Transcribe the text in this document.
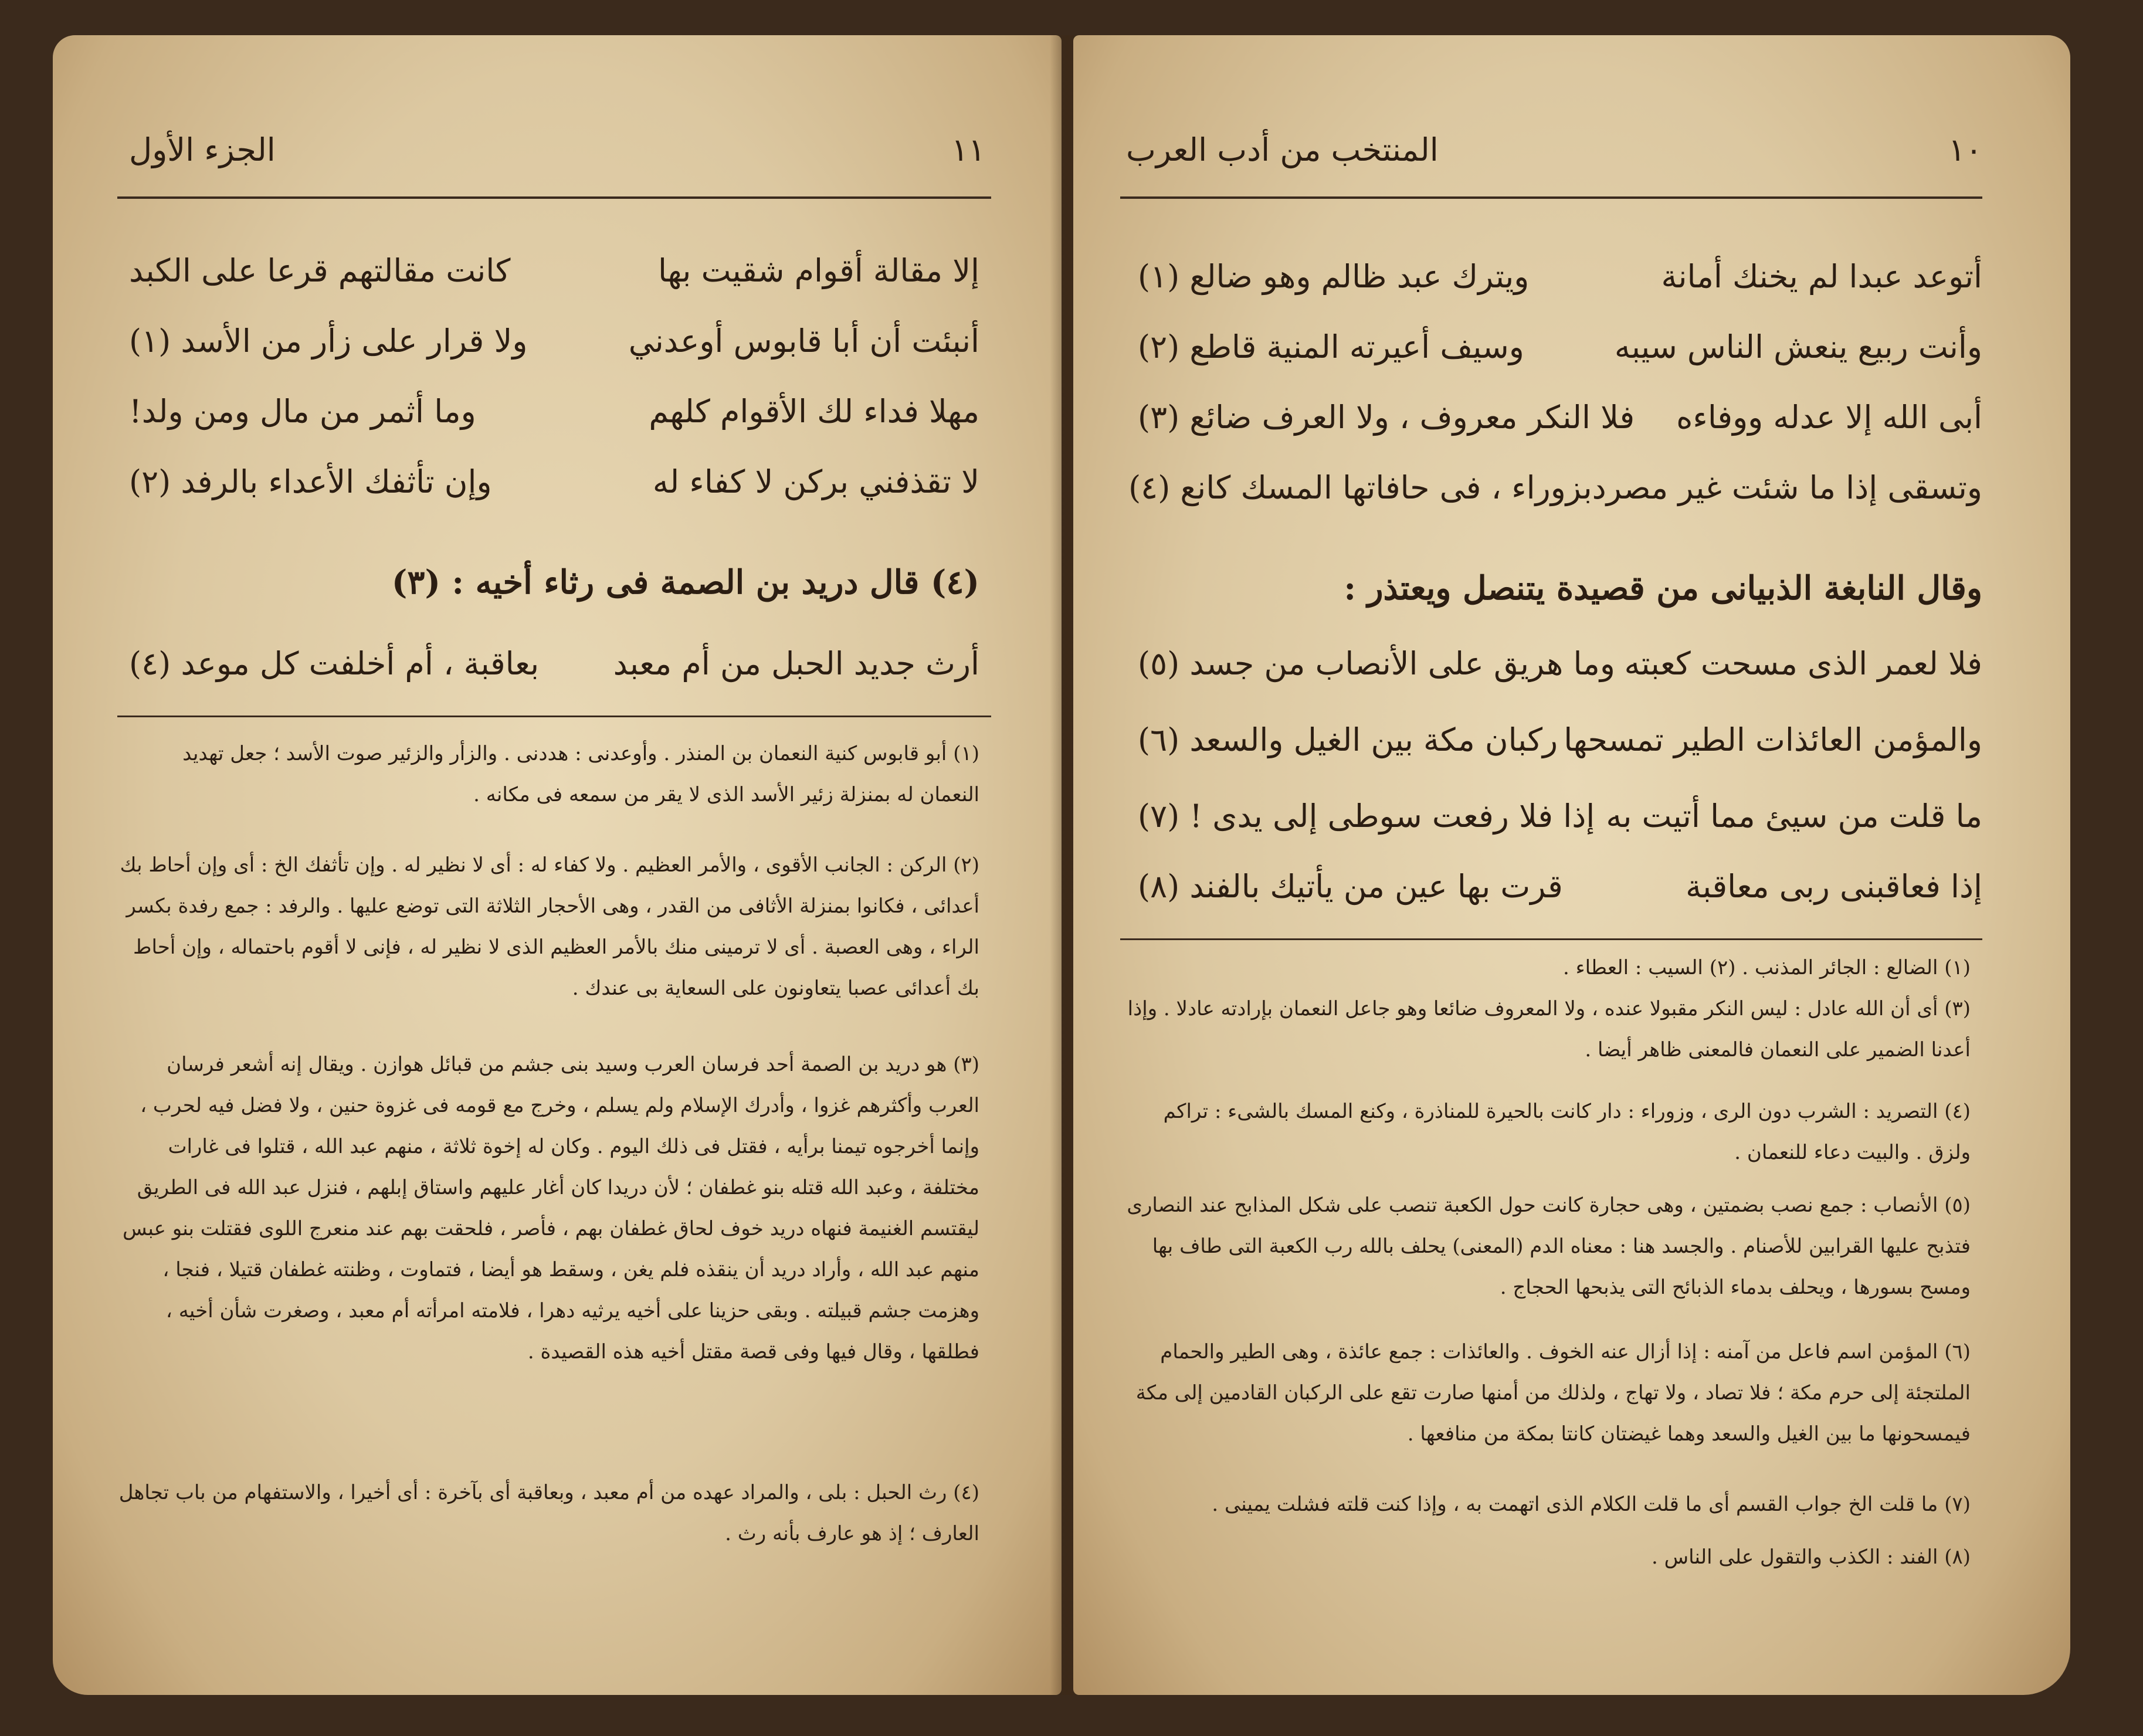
١١
الجزء الأول
إلا مقالة أقوام شقيت بها
كانت مقالتهم قرعا على الكبد
أنبئت أن أبا قابوس أوعدني
ولا قرار على زأر من الأسد (١)
مهلا فداء لك الأقوام كلهم
وما أثمر من مال ومن ولد!
لا تقذفني بركن لا كفاء له
وإن تأثفك الأعداء بالرفد (٢)
(٤) قال دريد بن الصمة فى رثاء أخيه : (٣)
أرث جديد الحبل من أم معبد
بعاقبة ، أم أخلفت كل موعد (٤)
(١) أبو قابوس كنية النعمان بن المنذر . وأوعدنى : هددنى . والزأر والزئير صوت الأسد ؛ جعل تهديد النعمان له بمنزلة زئير الأسد الذى لا يقر من سمعه فى مكانه .
(٢) الركن : الجانب الأقوى ، والأمر العظيم . ولا كفاء له : أى لا نظير له . وإن تأثفك الخ : أى وإن أحاط بك أعدائى ، فكانوا بمنزلة الأثافى من القدر ، وهى الأحجار الثلاثة التى توضع عليها . والرفد : جمع رفدة بكسر الراء ، وهى العصبة . أى لا ترمينى منك بالأمر العظيم الذى لا نظير له ، فإنى لا أقوم باحتماله ، وإن أحاط بك أعدائى عصبا يتعاونون على السعاية بى عندك .
(٣) هو دريد بن الصمة أحد فرسان العرب وسيد بنى جشم من قبائل هوازن . ويقال إنه أشعر فرسان العرب وأكثرهم غزوا ، وأدرك الإسلام ولم يسلم ، وخرج مع قومه فى غزوة حنين ، ولا فضل فيه لحرب ، وإنما أخرجوه تيمنا برأيه ، فقتل فى ذلك اليوم . وكان له إخوة ثلاثة ، منهم عبد الله ، قتلوا فى غارات مختلفة ، وعبد الله قتله بنو غطفان ؛ لأن دريدا كان أغار عليهم واستاق إبلهم ، فنزل عبد الله فى الطريق ليقتسم الغنيمة فنهاه دريد خوف لحاق غطفان بهم ، فأصر ، فلحقت بهم عند منعرج اللوى فقتلت بنو عبس منهم عبد الله ، وأراد دريد أن ينقذه فلم يغن ، وسقط هو أيضا ، فتماوت ، وظنته غطفان قتيلا ، فنجا ، وهزمت جشم قبيلته . وبقى حزينا على أخيه يرثيه دهرا ، فلامته امرأته أم معبد ، وصغرت شأن أخيه ، فطلقها ، وقال فيها وفى قصة مقتل أخيه هذه القصيدة .
(٤) رث الحبل : بلى ، والمراد عهده من أم معبد ، وبعاقبة أى بآخرة : أى أخيرا ، والاستفهام من باب تجاهل العارف ؛ إذ هو عارف بأنه رث .
١٠
المنتخب من أدب العرب
أتوعد عبدا لم يخنك أمانة
ويترك عبد ظالم وهو ضالع (١)
وأنت ربيع ينعش الناس سيبه
وسيف أعيرته المنية قاطع (٢)
أبى الله إلا عدله ووفاءه
فلا النكر معروف ، ولا العرف ضائع (٣)
وتسقى إذا ما شئت غير مصرد
بزوراء ، فى حافاتها المسك كانع (٤)
وقال النابغة الذبيانى من قصيدة يتنصل ويعتذر :
فلا لعمر الذى مسحت كعبته
وما هريق على الأنصاب من جسد (٥)
والمؤمن العائذات الطير تمسحها
ركبان مكة بين الغيل والسعد (٦)
ما قلت من سيئ مما أتيت به
إذا فلا رفعت سوطى إلى يدى ! (٧)
إذا فعاقبنى ربى معاقبة
قرت بها عين من يأتيك بالفند (٨)
(١) الضالع : الجائر المذنب . (٢) السيب : العطاء .
(٣) أى أن الله عادل : ليس النكر مقبولا عنده ، ولا المعروف ضائعا وهو جاعل النعمان بإرادته عادلا . وإذا أعدنا الضمير على النعمان فالمعنى ظاهر أيضا .
(٤) التصريد : الشرب دون الرى ، وزوراء : دار كانت بالحيرة للمناذرة ، وكنع المسك بالشىء : تراكم ولزق . والبيت دعاء للنعمان .
(٥) الأنصاب : جمع نصب بضمتين ، وهى حجارة كانت حول الكعبة تنصب على شكل المذابح عند النصارى فتذبح عليها القرابين للأصنام . والجسد هنا : معناه الدم (المعنى) يحلف بالله رب الكعبة التى طاف بها ومسح بسورها ، ويحلف بدماء الذبائح التى يذبحها الحجاج .
(٦) المؤمن اسم فاعل من آمنه : إذا أزال عنه الخوف . والعائذات : جمع عائذة ، وهى الطير والحمام الملتجئة إلى حرم مكة ؛ فلا تصاد ، ولا تهاج ، ولذلك من أمنها صارت تقع على الركبان القادمين إلى مكة فيمسحونها ما بين الغيل والسعد وهما غيضتان كانتا بمكة من منافعها .
(٧) ما قلت الخ جواب القسم أى ما قلت الكلام الذى اتهمت به ، وإذا كنت قلته فشلت يمينى .
(٨) الفند : الكذب والتقول على الناس .
